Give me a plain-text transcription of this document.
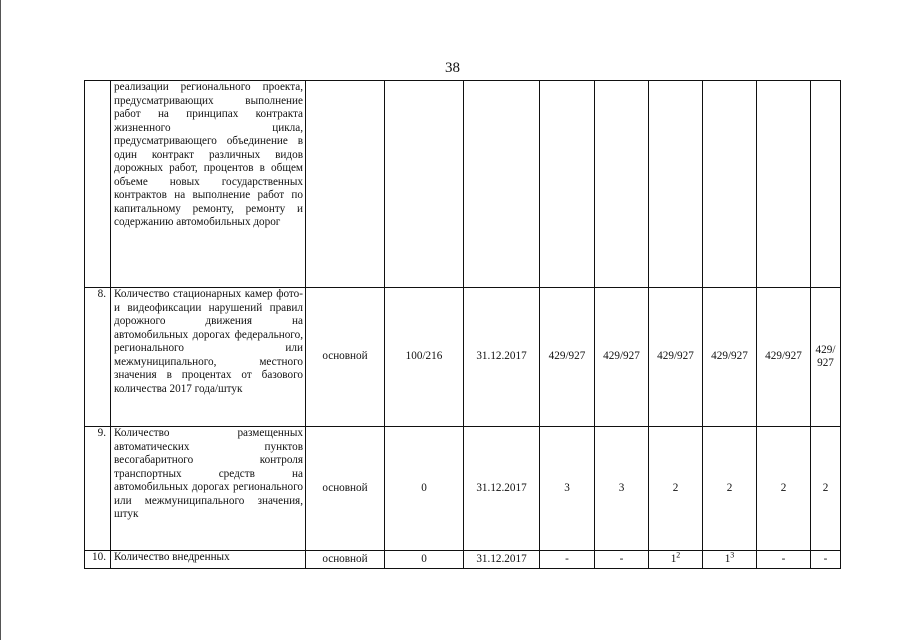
38
	реализации регионального проекта, предусматривающих выполнение работ на принципах контракта жизненного цикла, предусматривающего объединение в один контракт различных видов дорожных работ, процентов в общем объеме новых государственных контрактов на выполнение работ по капитальному ремонту, ремонту и содержанию автомобильных дорог									
8.	Количество стационарных камер фото- и видеофиксации нарушений правил дорожного движения на автомобильных дорогах федерального, регионального или межмуниципального, местного значения в процентах от базового количества 2017 года/штук	основной	100/216	31.12.2017	429/927	429/927	429/927	429/927	429/927	429/ 927
9.	Количество размещенных автоматических пунктов весогабаритного контроля транспортных средств на автомобильных дорогах регионального или межмуниципального значения, штук	основной	0	31.12.2017	3	3	2	2	2	2
10.	Количество внедренных	основной	0	31.12.2017	-	-	$1^2$	$1^3$	-	-
